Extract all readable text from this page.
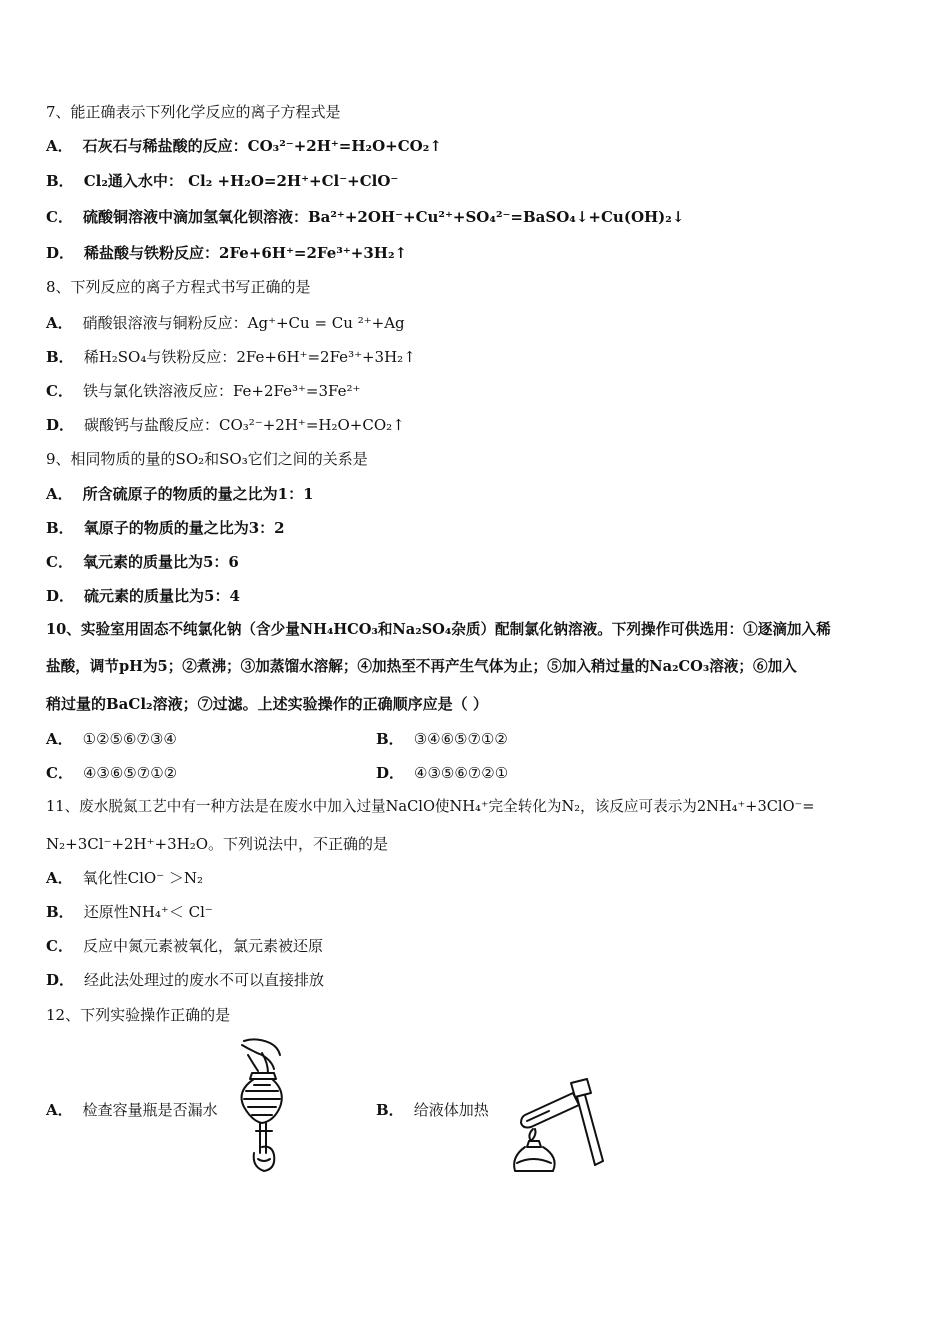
7、能正确表示下列化学反应的离子方程式是
A． 石灰石与稀盐酸的反应：CO₃²⁻+2H⁺=H₂O+CO₂↑
B． Cl₂通入水中： Cl₂ +H₂O=2H⁺+Cl⁻+ClO⁻
C． 硫酸铜溶液中滴加氢氧化钡溶液：Ba²⁺+2OH⁻+Cu²⁺+SO₄²⁻=BaSO₄↓+Cu(OH)₂↓
D． 稀盐酸与铁粉反应：2Fe+6H⁺=2Fe³⁺+3H₂↑
8、下列反应的离子方程式书写正确的是
A． 硝酸银溶液与铜粉反应：Ag⁺+Cu = Cu ²⁺+Ag
B． 稀H₂SO₄与铁粉反应：2Fe+6H⁺=2Fe³⁺+3H₂↑
C． 铁与氯化铁溶液反应：Fe+2Fe³⁺=3Fe²⁺
D． 碳酸钙与盐酸反应：CO₃²⁻+2H⁺=H₂O+CO₂↑
9、相同物质的量的SO₂和SO₃它们之间的关系是
A． 所含硫原子的物质的量之比为1：1
B． 氧原子的物质的量之比为3：2
C． 氧元素的质量比为5：6
D． 硫元素的质量比为5：4
10、实验室用固态不纯氯化钠（含少量NH₄HCO₃和Na₂SO₄杂质）配制氯化钠溶液。下列操作可供选用：①逐滴加入稀
盐酸，调节pH为5；②煮沸；③加蒸馏水溶解；④加热至不再产生气体为止；⑤加入稍过量的Na₂CO₃溶液；⑥加入
稍过量的BaCl₂溶液；⑦过滤。上述实验操作的正确顺序应是（ ）
A． ①②⑤⑥⑦③④	B． ③④⑥⑤⑦①②
C． ④③⑥⑤⑦①②	D． ④③⑤⑥⑦②①
11、废水脱氮工艺中有一种方法是在废水中加入过量NaClO使NH₄⁺完全转化为N₂，该反应可表示为2NH₄⁺+3ClO⁻=
N₂+3Cl⁻+2H⁺+3H₂O。下列说法中，不正确的是
A． 氧化性ClO⁻ ＞N₂
B． 还原性NH₄⁺＜ Cl⁻
C． 反应中氮元素被氧化，氯元素被还原
D． 经此法处理过的废水不可以直接排放
12、下列实验操作正确的是
A． 检查容量瓶是否漏水	B． 给液体加热
